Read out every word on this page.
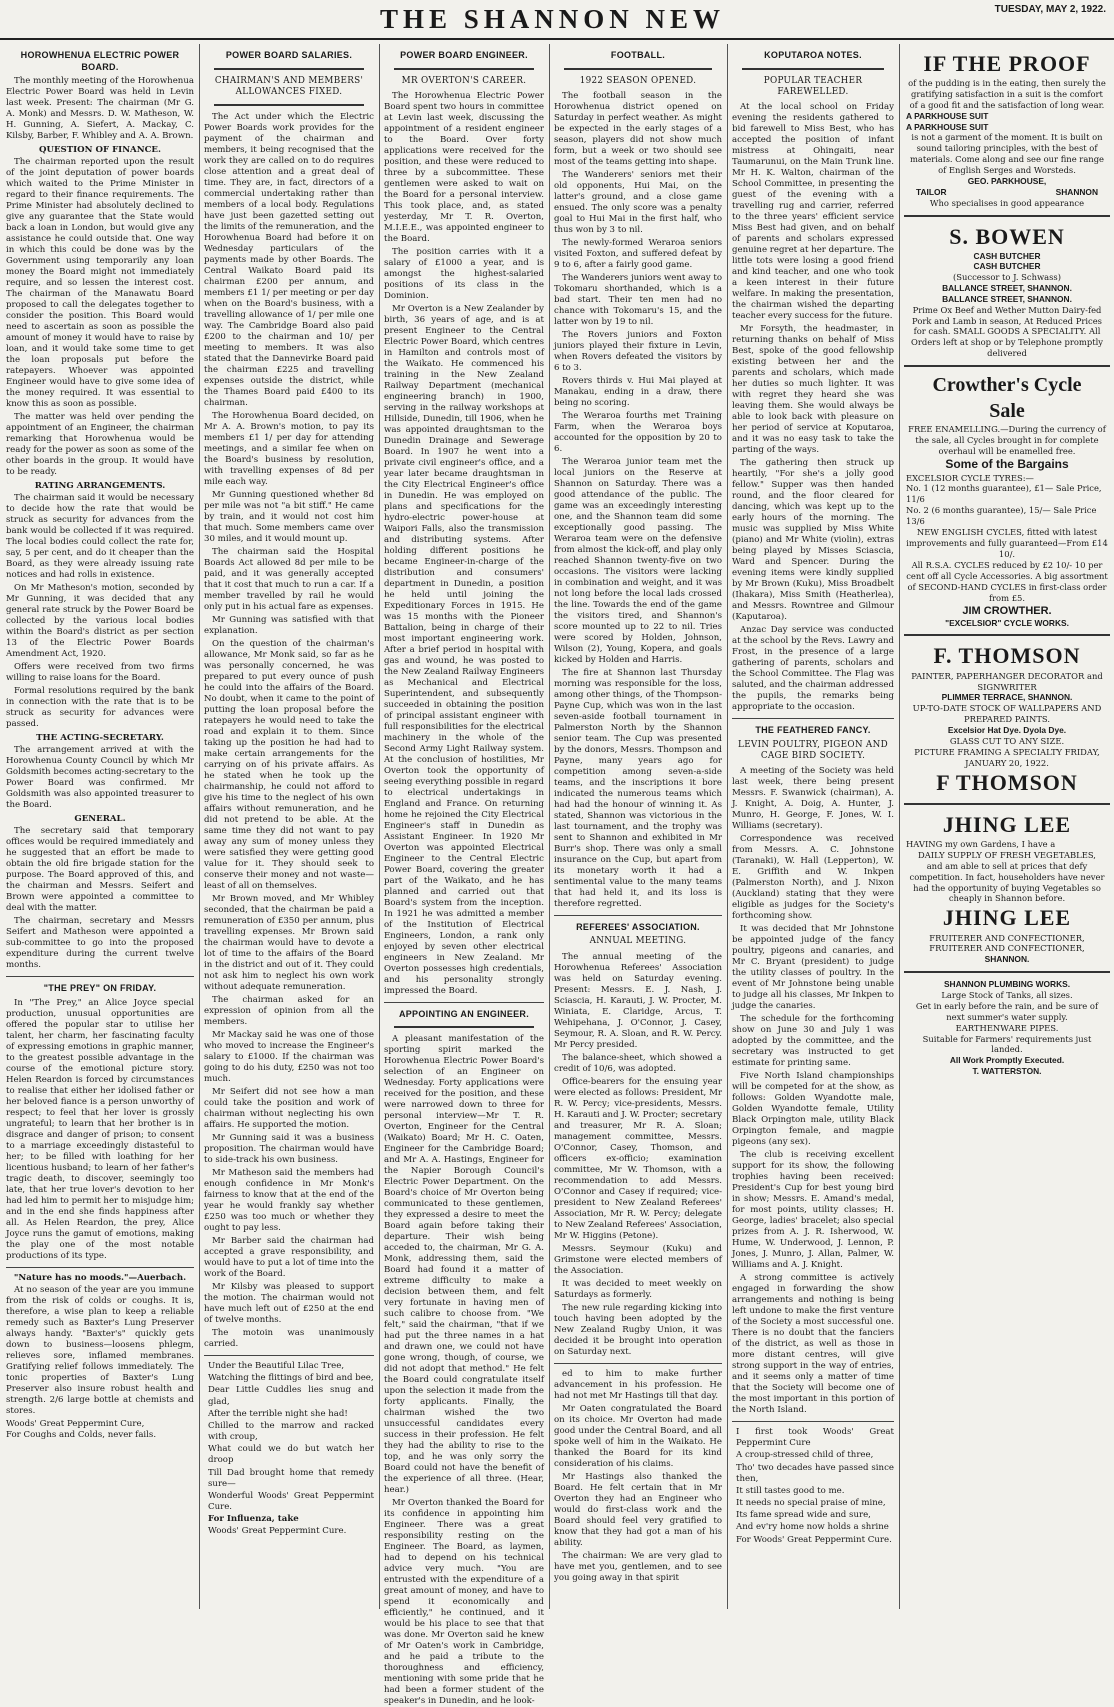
THE SHANNON NEW	TUESDAY, MAY 2, 1922.
HOROWHENUA ELECTRIC POWER BOARD.

The monthly meeting of the Horowhenua Electric Power Board was held in Levin last week. Present: The chairman (Mr G. A. Monk) and Messrs. D. W. Matheson, W. H. Gunning, A. Siefert, A. Mackay, C. Kilsby, Barber, F. Whibley and A. A. Brown.

QUESTION OF FINANCE.

The chairman reported upon the result of the joint deputation of power boards which waited to the Prime Minister in regard to their finance requirements. The Prime Minister had absolutely declined to give any guarantee that the State would back a loan in London, but would give any assistance he could outside that. One way in which this could be done was by the Government using temporarily any loan money the Board might not immediately require, and so lessen the interest cost. The chairman of the Manawatu Board proposed to call the delegates together to consider the position. This Board would need to ascertain as soon as possible the amount of money it would have to raise by loan, and it would take some time to get the loan proposals put before the ratepayers. Whoever was appointed Engineer would have to give some idea of the money required. It was essential to know this as soon as possible.

The matter was held over pending the appointment of an Engineer, the chairman remarking that Horowhenua would be ready for the power as soon as some of the other boards in the group. It would have to be ready.

RATING ARRANGEMENTS.

The chairman said it would be necessary to decide how the rate that would be struck as security for advances from the bank would be collected if it was required. The local bodies could collect the rate for, say, 5 per cent, and do it cheaper than the Board, as they were already issuing rate notices and had rolls in existence.

On Mr Matheson's motion, seconded by Mr Gunning, it was decided that any general rate struck by the Power Board be collected by the various local bodies within the Board's district as per section 13 of the Electric Power Boards Amendment Act, 1920.

Offers were received from two firms willing to raise loans for the Board.

Formal resolutions required by the bank in connection with the rate that is to be struck as security for advances were passed.

THE ACTING-SECRETARY.

The arrangement arrived at with the Horowhenua County Council by which Mr Goldsmith becomes acting-secretary to the Power Board was confirmed. Mr Goldsmith was also appointed treasurer to the Board.

GENERAL.

The secretary said that temporary offices would be required immediately and he suggested that an effort be made to obtain the old fire brigade station for the purpose. The Board approved of this, and the chairman and Messrs. Seifert and Brown were appointed a committee to deal with the matter.

The chairman, secretary and Messrs Seifert and Matheson were appointed a sub-committee to go into the proposed expenditure during the current twelve months.

"THE PREY" ON FRIDAY.

In "The Prey," an Alice Joyce special production, unusual opportunities are offered the popular star to utilise her talent, her charm, her fascinating faculty of expressing emotions in graphic manner, to the greatest possible advantage in the course of the emotional picture story. Helen Reardon is forced by circumstances to realise that either her idolised father or her beloved fiance is a person unworthy of respect; to feel that her lover is grossly ungrateful; to learn that her brother is in disgrace and danger of prison; to consent to a marriage exceedingly distasteful to her; to be filled with loathing for her licentious husband; to learn of her father's tragic death, to discover, seemingly too late, that her true lover's devotion to her had led him to permit her to misjudge him; and in the end she finds happiness after all. As Helen Reardon, the prey, Alice Joyce runs the gamut of emotions, making the play one of the most notable productions of its type.

"Nature has no moods."—Auerbach.

At no season of the year are you immune from the risk of colds or coughs. It is, therefore, a wise plan to keep a reliable remedy such as Baxter's Lung Preserver always handy. "Baxter's" quickly gets down to business—loosens phlegm, relieves sore, inflamed membranes. Gratifying relief follows immediately. The tonic properties of Baxter's Lung Preserver also insure robust health and strength. 2/6 large bottle at chemists and stores.

Woods' Great Peppermint Cure,
For Coughs and Colds, never fails.
POWER BOARD SALARIES.
CHAIRMAN'S AND MEMBERS' ALLOWANCES FIXED.

The Act under which the Electric Power Boards work provides for the payment of the chairman and members, it being recognised that the work they are called on to do requires close attention and a great deal of time. They are, in fact, directors of a commercial undertaking rather than members of a local body. Regulations have just been gazetted setting out the limits of the remuneration, and the Horowhenua Board had before it on Wednesday particulars of the payments made by other Boards. The Central Waikato Board paid its chairman £200 per annum, and members £1 1/ per meeting or per day when on the Board's business, with a travelling allowance of 1/ per mile one way. The Cambridge Board also paid £200 to the chairman and 10/ per meeting to members. It was also stated that the Dannevirke Board paid the chairman £225 and travelling expenses outside the district, while the Thames Board paid £400 to its chairman.

The Horowhenua Board decided, on Mr A. A. Brown's motion, to pay its members £1 1/ per day for attending meetings, and a similar fee when on the Board's business by resolution, with travelling expenses of 8d per mile each way.

Mr Gunning questioned whether 8d per mile was not "a bit stiff." He came by train, and it would not cost him that much. Some members came over 30 miles, and it would mount up.

The chairman said the Hospital Boards Act allowed 8d per mile to be paid, and it was generally accepted that it cost that much to run a car. If a member travelled by rail he would only put in his actual fare as expenses.

Mr Gunning was satisfied with that explanation.

On the question of the chairman's allowance, Mr Monk said, so far as he was personally concerned, he was prepared to put every ounce of push he could into the affairs of the Board. No doubt, when it came to the point of putting the loan proposal before the ratepayers he would need to take the road and explain it to them. Since taking up the position he had had to make certain arrangements for the carrying on of his private affairs. As he stated when he took up the chairmanship, he could not afford to give his time to the neglect of his own affairs without remuneration, and he did not pretend to be able. At the same time they did not want to pay away any sum of money unless they were satisfied they were getting good value for it. They should seek to conserve their money and not waste—least of all on themselves.

Mr Brown moved, and Mr Whibley seconded, that the chairman be paid a remuneration of £350 per annum, plus travelling expenses. Mr Brown said the chairman would have to devote a lot of time to the affairs of the Board in the district and out of it. They could not ask him to neglect his own work without adequate remuneration.

The chairman asked for an expression of opinion from all the members.

Mr Mackay said he was one of those who moved to increase the Engineer's salary to £1000. If the chairman was going to do his duty, £250 was not too much.

Mr Seifert did not see how a man could take the position and work of chairman without neglecting his own affairs. He supported the motion.

Mr Gunning said it was a business proposition. The chairman would have to side-track his own business.

Mr Matheson said the members had enough confidence in Mr Monk's fairness to know that at the end of the year he would frankly say whether £250 was too much or whether they ought to pay less.

Mr Barber said the chairman had accepted a grave responsibility, and would have to put a lot of time into the work of the Board.

Mr Kilsby was pleased to support the motion. The chairman would not have much left out of £250 at the end of twelve months.

The motoin was unanimously carried.

Under the Beautiful Lilac Tree,
Watching the flittings of bird and bee,
Dear Little Cuddles lies snug and glad,
After the terrible night she had!
Chilled to the marrow and racked with croup,
What could we do but watch her droop
Till Dad brought home that remedy sure—
Wonderful Woods' Great Peppermint Cure.
For Influenza, take
Woods' Great Peppermint Cure.
POWER BOARD ENGINEER.
MR OVERTON'S CAREER.

The Horowhenua Electric Power Board spent two hours in committee at Levin last week, discussing the appointment of a resident engineer to the Board. Over forty applications were received for the position, and these were reduced to three by a subcommittee. These gentlemen were asked to wait on the Board for a personal interview. This took place, and, as stated yesterday, Mr T. R. Overton, M.I.E.E., was appointed engineer to the Board.

The position carries with it a salary of £1000 a year, and is amongst the highest-salaried positions of its class in the Dominion.

Mr Overton is a New Zealander by birth, 36 years of age, and is at present Engineer to the Central Electric Power Board, which centres in Hamilton and controls most of the Waikato. He commenced his training in the New Zealand Railway Department (mechanical engineering branch) in 1900, serving in the railway workshops at Hillside, Dunedin, till 1906, when he was appointed draughtsman to the Dunedin Drainage and Sewerage Board. In 1907 he went into a private civil engineer's office, and a year later became draughtsman in the City Electrical Engineer's office in Dunedin. He was employed on plans and specifications for the hydro-electric power-house at Waipori Falls, also the transmission and distributing systems. After holding different positions he became Engineer-in-charge of the distribution and consumers' department in Dunedin, a position he held until joining the Expeditionary Forces in 1915. He was 15 months with the Pioneer Battalion, being in charge of their most important engineering work. After a brief period in hospital with gas and wound, he was posted to the New Zealand Railway Engineers as Mechanical and Electrical Superintendent, and subsequently succeeded in obtaining the position of principal assistant engineer with full responsibilities for the electrical machinery in the whole of the Second Army Light Railway system. At the conclusion of hostilities, Mr Overton took the opportunity of seeing everything possible in regard to electrical undertakings in England and France. On returning home he rejoined the City Electrical Engineer's staff in Dunedin as Assistant Engineer. In 1920 Mr Overton was appointed Electrical Engineer to the Central Electric Power Board, covering the greater part of the Waikato, and he has planned and carried out that Board's system from the inception. In 1921 he was admitted a member of the Institution of Electrical Engineers, London, a rank only enjoyed by seven other electrical engineers in New Zealand. Mr Overton possesses high credentials, and his personality strongly impressed the Board.

APPOINTING AN ENGINEER.

A pleasant manifestation of the sporting spirit marked the Horowhenua Electric Power Board's selection of an Engineer on Wednesday. Forty applications were received for the position, and these were narrowed down to three for personal interview—Mr T. R. Overton, Engineer for the Central (Waikato) Board; Mr H. C. Oaten, Engineer for the Cambridge Board; and Mr A. A. Hastings, Engineer for the Napier Borough Council's Electric Power Department. On the Board's choice of Mr Overton being communicated to these gentlemen, they expressed a desire to meet the Board again before taking their departure. Their wish being acceded to, the chairman, Mr G. A. Monk, addressing them, said the Board had found it a matter of extreme difficulty to make a decision between them, and felt very fortunate in having men of such calibre to choose from. "We felt," said the chairman, "that if we had put the three names in a hat and drawn one, we could not have gone wrong, though, of course, we did not adopt that method." He felt the Board could congratulate itself upon the selection it made from the forty applicants. Finally, the chairman wished the two unsuccessful candidates every success in their profession. He felt they had the ability to rise to the top, and he was only sorry the Board could not have the benefit of the experience of all three. (Hear, hear.)

Mr Overton thanked the Board for its confidence in appointing him Engineer. There was a great responsibility resting on the Engineer. The Board, as laymen, had to depend on his technical advice very much. "You are entrusted with the expenditure of a great amount of money, and have to spend it economically and efficiently," he continued, and it would be his place to see that that was done. Mr Overton said he knew of Mr Oaten's work in Cambridge, and he paid a tribute to the thoroughness and efficiency, mentioning with some pride that he had been a former student of the speaker's in Dunedin, and he look-

FOOTBALL.
1922 SEASON OPENED.

The football season in the Horowhenua district opened on Saturday in perfect weather. As might be expected in the early stages of a season, players did not show much form, but a week or two should see most of the teams getting into shape.

The Wanderers' seniors met their old opponents, Hui Mai, on the latter's ground, and a close game ensued. The only score was a penalty goal to Hui Mai in the first half, who thus won by 3 to nil.

The newly-formed Weraroa seniors visited Foxton, and suffered defeat by 9 to 6, after a fairly good game.

The Wanderers juniors went away to Tokomaru shorthanded, which is a bad start. Their ten men had no chance with Tokomaru's 15, and the latter won by 19 to nil.

The Rovers juniors and Foxton juniors played their fixture in Levin, when Rovers defeated the visitors by 6 to 3.

Rovers thirds v. Hui Mai played at Manakau, ending in a draw, there being no scoring.

The Weraroa fourths met Training Farm, when the Weraroa boys accounted for the opposition by 20 to 6.

The Weraroa junior team met the local juniors on the Reserve at Shannon on Saturday. There was a good attendance of the public. The game was an exceedingly interesting one, and the Shannon team did some exceptionally good passing. The Weraroa team were on the defensive from almost the kick-off, and play only reached Shannon twenty-five on two occasions. The visitors were lacking in combination and weight, and it was not long before the local lads crossed the line. Towards the end of the game the visitors tired, and Shannon's score mounted up to 22 to nil. Tries were scored by Holden, Johnson, Wilson (2), Young, Kopera, and goals kicked by Holden and Harris.

The fire at Shannon last Thursday morning was responsible for the loss, among other things, of the Thompson-Payne Cup, which was won in the last seven-aside football tournament in Palmerston North by the Shannon senior team. The Cup was presented by the donors, Messrs. Thompson and Payne, many years ago for competition among seven-a-side teams, and the inscriptions it bore indicated the numerous teams which had had the honour of winning it. As stated, Shannon was victorious in the last tournament, and the trophy was sent to Shannon and exhibited in Mr Burr's shop. There was only a small insurance on the Cup, but apart from its monetary worth it had a sentimental value to the many teams that had held it, and its loss is therefore regretted.

REFEREES' ASSOCIATION.
ANNUAL MEETING.

The annual meeting of the Horowhenua Referees' Association was held on Saturday evening. Present: Messrs. E. J. Nash, J. Sciascia, H. Karauti, J. W. Procter, M. Winiata, E. Claridge, Arcus, T. Wehipehana, J. O'Connor, J. Casey, Seymour, R. A. Sloan, and R. W. Percy. Mr Percy presided.

The balance-sheet, which showed a credit of 10/6, was adopted.

Office-bearers for the ensuing year were elected as follows: President, Mr R. W. Percy; vice-presidents, Messrs. H. Karauti and J. W. Procter; secretary and treasurer, Mr R. A. Sloan; management committee, Messrs. O'Connor, Casey, Thomson, and officers ex-officio; examination committee, Mr W. Thomson, with a recommendation to add Messrs. O'Connor and Casey if required; vice-president to New Zealand Referees' Association, Mr R. W. Percy; delegate to New Zealand Referees' Association, Mr W. Higgins (Petone).

Messrs. Seymour (Kuku) and Grimstone were elected members of the Association.

It was decided to meet weekly on Saturdays as formerly.

The new rule regarding kicking into touch having been adopted by the New Zealand Rugby Union, it was decided it be brought into operation on Saturday next.

ed to him to make further advancement in his profession. He had not met Mr Hastings till that day.

Mr Oaten congratulated the Board on its choice. Mr Overton had made good under the Central Board, and all spoke well of him in the Waikato. He thanked the Board for its kind consideration of his claims.

Mr Hastings also thanked the Board. He felt certain that in Mr Overton they had an Engineer who would do first-class work and the Board should feel very gratified to know that they had got a man of his ability.

The chairman: We are very glad to have met you, gentlemen, and to see you going away in that spirit

KOPUTAROA NOTES.
POPULAR TEACHER FAREWELLED.

At the local school on Friday evening the residents gathered to bid farewell to Miss Best, who has accepted the position of infant mistress at Ohingaiti, near Taumarunui, on the Main Trunk line. Mr H. K. Walton, chairman of the School Committee, in presenting the guest of the evening with a travelling rug and carrier, referred to the three years' efficient service Miss Best had given, and on behalf of parents and scholars expressed genuine regret at her departure. The little tots were losing a good friend and kind teacher, and one who took a keen interest in their future welfare. In making the presentation, the chairman wished the departing teacher every success for the future.

Mr Forsyth, the headmaster, in returning thanks on behalf of Miss Best, spoke of the good fellowship existing between her and the parents and scholars, which made her duties so much lighter. It was with regret they heard she was leaving them. She would always be able to look back with pleasure on her period of service at Koputaroa, and it was no easy task to take the parting of the ways.

The gathering then struck up heartily, "For she's a jolly good fellow." Supper was then handed round, and the floor cleared for dancing, which was kept up to the early hours of the morning. The music was supplied by Miss White (piano) and Mr White (violin), extras being played by Misses Sciascia, Ward and Spencer. During the evening items were kindly supplied by Mr Brown (Kuku), Miss Broadbelt (Ihakara), Miss Smith (Heatherlea), and Messrs. Rowntree and Gilmour (Kaputaroa).

Anzac Day service was conducted at the school by the Revs. Lawry and Frost, in the presence of a large gathering of parents, scholars and the School Committee. The Flag was saluted, and the chairman addressed the pupils, the remarks being appropriate to the occasion.

THE FEATHERED FANCY.
LEVIN POULTRY, PIGEON AND CAGE BIRD SOCIETY.

A meeting of the Society was held last week, there being present Messrs. F. Swanwick (chairman), A. J. Knight, A. Doig, A. Hunter, J. Munro, H. George, F. Jones, W. I. Williams (secretary).

Correspondence was received from Messrs. A. C. Johnstone (Taranaki), W. Hall (Lepperton), W. E. Griffith and W. Inkpen (Palmerston North), and J. Nixon (Auckland) stating that they were eligible as judges for the Society's forthcoming show.

It was decided that Mr Johnstone be appointed judge of the fancy poultry, pigeons and canaries, and Mr C. Bryant (president) to judge the utility classes of poultry. In the event of Mr Johnstone being unable to judge all his classes, Mr Inkpen to judge the canaries.

The schedule for the forthcoming show on June 30 and July 1 was adopted by the committee, and the secretary was instructed to get estimate for printing same.

Five North Island championships will be competed for at the show, as follows: Golden Wyandotte male, Golden Wyandotte female, Utility Black Orpington male, utility Black Orpington female, and magpie pigeons (any sex).

The club is receiving excellent support for its show, the following trophies having been received: President's Cup for best young bird in show; Messrs. E. Amand's medal, for most points, utility classes; H. George, ladies' bracelet; also special prizes from A. J. R. Isherwood, W. Hume, W. Underwood, J. Lennon, P. Jones, J. Munro, J. Allan, Palmer, W. Williams and A. J. Knight.

A strong committee is actively engaged in forwarding the show arrangements and nothing is being left undone to make the first venture of the Society a most successful one. There is no doubt that the fanciers of the district, as well as those in more distant centres, will give strong support in the way of entries, and it seems only a matter of time that the Society will become one of the most important in this portion of the North Island.

I first took Woods' Great Peppermint Cure
A croup-stressed child of three,
Tho' two decades have passed since then,
It still tastes good to me.
It needs no special praise of mine,
Its fame spread wide and sure,
And ev'ry home now holds a shrine
For Woods' Great Peppermint Cure.
IF THE PROOF
of the pudding is in the eating, then surely the gratifying satisfaction in a suit is the comfort of a good fit and the satisfaction of long wear.
A PARKHOUSE SUIT
A PARKHOUSE SUIT
is not a garment of the moment. It is built on sound tailoring principles, with the best of materials. Come along and see our fine range of English Serges and Worsteds.
GEO. PARKHOUSE,
TAILOR	SHANNON
Who specialises in good appearance
S. BOWEN
CASH BUTCHER
CASH BUTCHER
(Successor to J. Schwass)
BALLANCE STREET, SHANNON.
BALLANCE STREET, SHANNON.
Prime Ox Beef and Wether Mutton Dairy-fed Pork and Lamb in season, At Reduced Prices for cash. SMALL GOODS A SPECIALITY. All Orders left at shop or by Telephone promptly delivered
Crowther's Cycle
Sale
FREE ENAMELLING.—During the currency of the sale, all Cycles brought in for complete overhaul will be enamelled free.
Some of the Bargains
EXCELSIOR CYCLE TYRES:—
No. 1 (12 months guarantee), £1— Sale Price, 11/6
No. 2 (6 months guarantee), 15/— Sale Price 13/6
NEW ENGLISH CYCLES, fitted with latest improvements and fully guaranteed—From £14 10/.
All R.S.A. CYCLES reduced by £2 10/- 10 per cent off all Cycle Accessories. A big assortment of SECOND-HAND CYCLES in first-class order from £5.
JIM CROWTHER.
"EXCELSIOR" CYCLE WORKS.
F. THOMSON
PAINTER, PAPERHANGER DECORATOR and SIGNWRITER
PLIMMER TERRACE, SHANNON.
UP-TO-DATE STOCK OF WALLPAPERS AND PREPARED PAINTS.
Excelsior Hat Dye. Dyola Dye.
GLASS CUT TO ANY SIZE.
PICTURE FRAMING A SPECIALTY FRIDAY, JANUARY 20, 1922.
F THOMSON
JHING LEE
HAVING my own Gardens, I have a
DAILY SUPPLY OF FRESH VEGETABLES,
and am able to sell at prices that defy competition. In fact, householders have never had the opportunity of buying Vegetables so cheaply in Shannon before.
JHING LEE
FRUITERER AND CONFECTIONER,
FRUITERER AND CONFECTIONER,
SHANNON.
SHANNON PLUMBING WORKS.
Large Stock of Tanks, all sizes.
Get in early before the rain, and be sure of next summer's water supply.
EARTHENWARE PIPES.
Suitable for Farmers' requirements just landed.
All Work Promptly Executed.
T. WATTERSTON.
